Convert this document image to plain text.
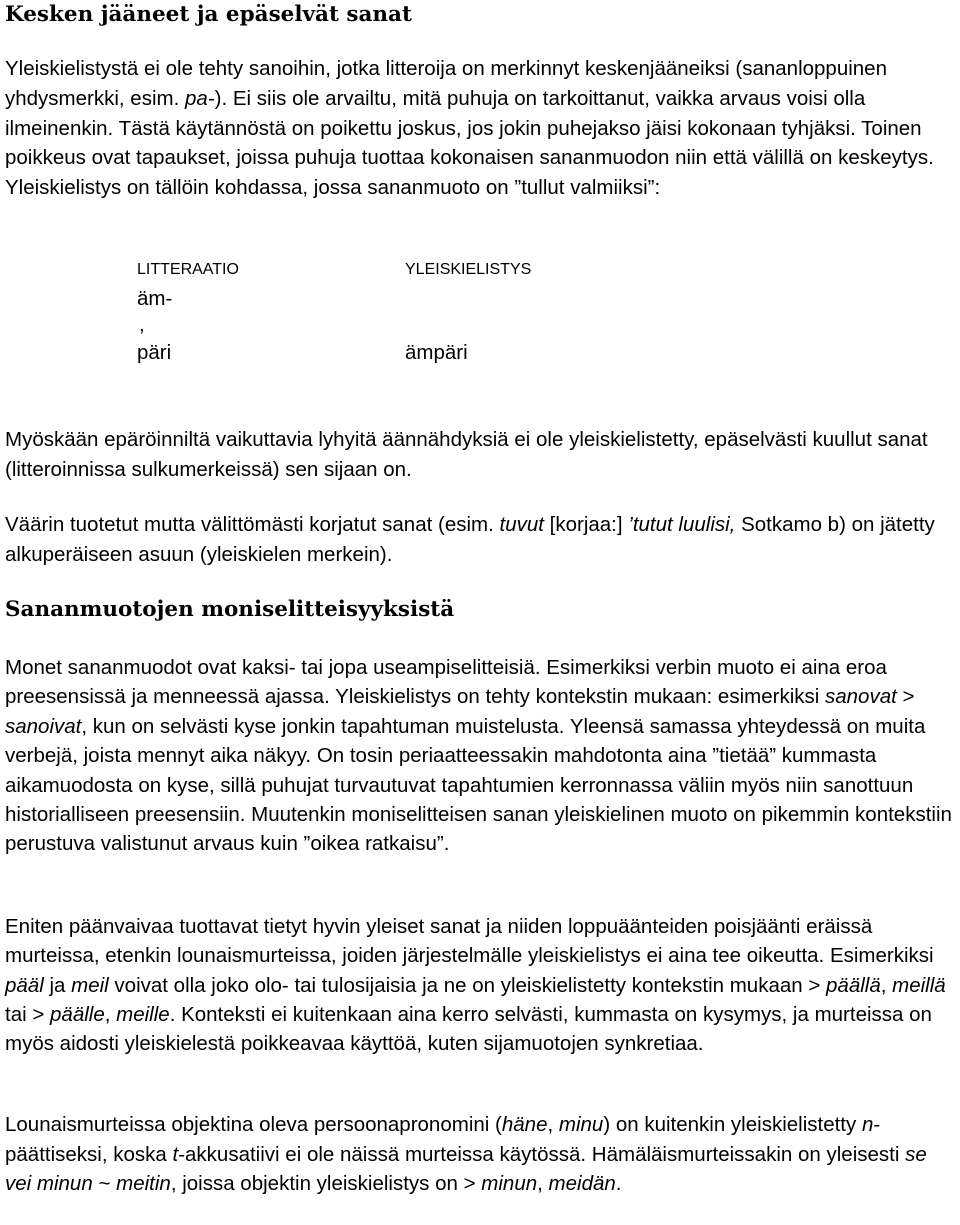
Kesken jääneet ja epäselvät sanat

Yleiskielistystä ei ole tehty sanoihin, jotka litteroija on merkinnyt keskenjääneiksi (sananloppuinen yhdysmerkki, esim. pa-). Ei siis ole arvailtu, mitä puhuja on tarkoittanut, vaikka arvaus voisi olla ilmeinenkin. Tästä käytännöstä on poikettu joskus, jos jokin puhejakso jäisi kokonaan tyhjäksi. Toinen poikkeus ovat tapaukset, joissa puhuja tuottaa kokonaisen sananmuodon niin että välillä on keskeytys. Yleiskielistys on tällöin kohdassa, jossa sananmuoto on ”tullut valmiiksi”:

LITTERAATIO	YLEISKIELISTYS
äm-
,
päri	ämpäri

Myöskään epäröinniltä vaikuttavia lyhyitä äännähdyksiä ei ole yleiskielistetty, epäselvästi kuullut sanat (litteroinnissa sulkumerkeissä) sen sijaan on.

Väärin tuotetut mutta välittömästi korjatut sanat (esim. tuvut [korjaa:] ’tutut luulisi, Sotkamo b) on jätetty alkuperäiseen asuun (yleiskielen merkein).

Sananmuotojen moniselitteisyyksistä

Monet sananmuodot ovat kaksi- tai jopa useampiselitteisiä. Esimerkiksi verbin muoto ei aina eroa preesensissä ja menneessä ajassa. Yleiskielistys on tehty kontekstin mukaan: esimerkiksi sanovat > sanoivat, kun on selvästi kyse jonkin tapahtuman muistelusta. Yleensä samassa yhteydessä on muita verbejä, joista mennyt aika näkyy. On tosin periaatteessakin mahdotonta aina ”tietää” kummasta aikamuodosta on kyse, sillä puhujat turvautuvat tapahtumien kerronnassa väliin myös niin sanottuun historialliseen preesensiin. Muutenkin moniselitteisen sanan yleiskielinen muoto on pikemmin kontekstiin perustuva valistunut arvaus kuin ”oikea ratkaisu”.

Eniten päänvaivaa tuottavat tietyt hyvin yleiset sanat ja niiden loppuäänteiden poisjäänti eräissä murteissa, etenkin lounaismurteissa, joiden järjestelmälle yleiskielistys ei aina tee oikeutta. Esimerkiksi pääl ja meil voivat olla joko olo- tai tulosijaisia ja ne on yleiskielistetty kontekstin mukaan > päällä, meillä tai > päälle, meille. Konteksti ei kuitenkaan aina kerro selvästi, kummasta on kysymys, ja murteissa on myös aidosti yleiskielestä poikkeavaa käyttöä, kuten sijamuotojen synkretiaa.

Lounaismurteissa objektina oleva persoonapronomini (häne, minu) on kuitenkin yleiskielistetty n-päättiseksi, koska t-akkusatiivi ei ole näissä murteissa käytössä. Hämäläismurteissakin on yleisesti se vei minun ~ meitin, joissa objektin yleiskielistys on > minun, meidän.
